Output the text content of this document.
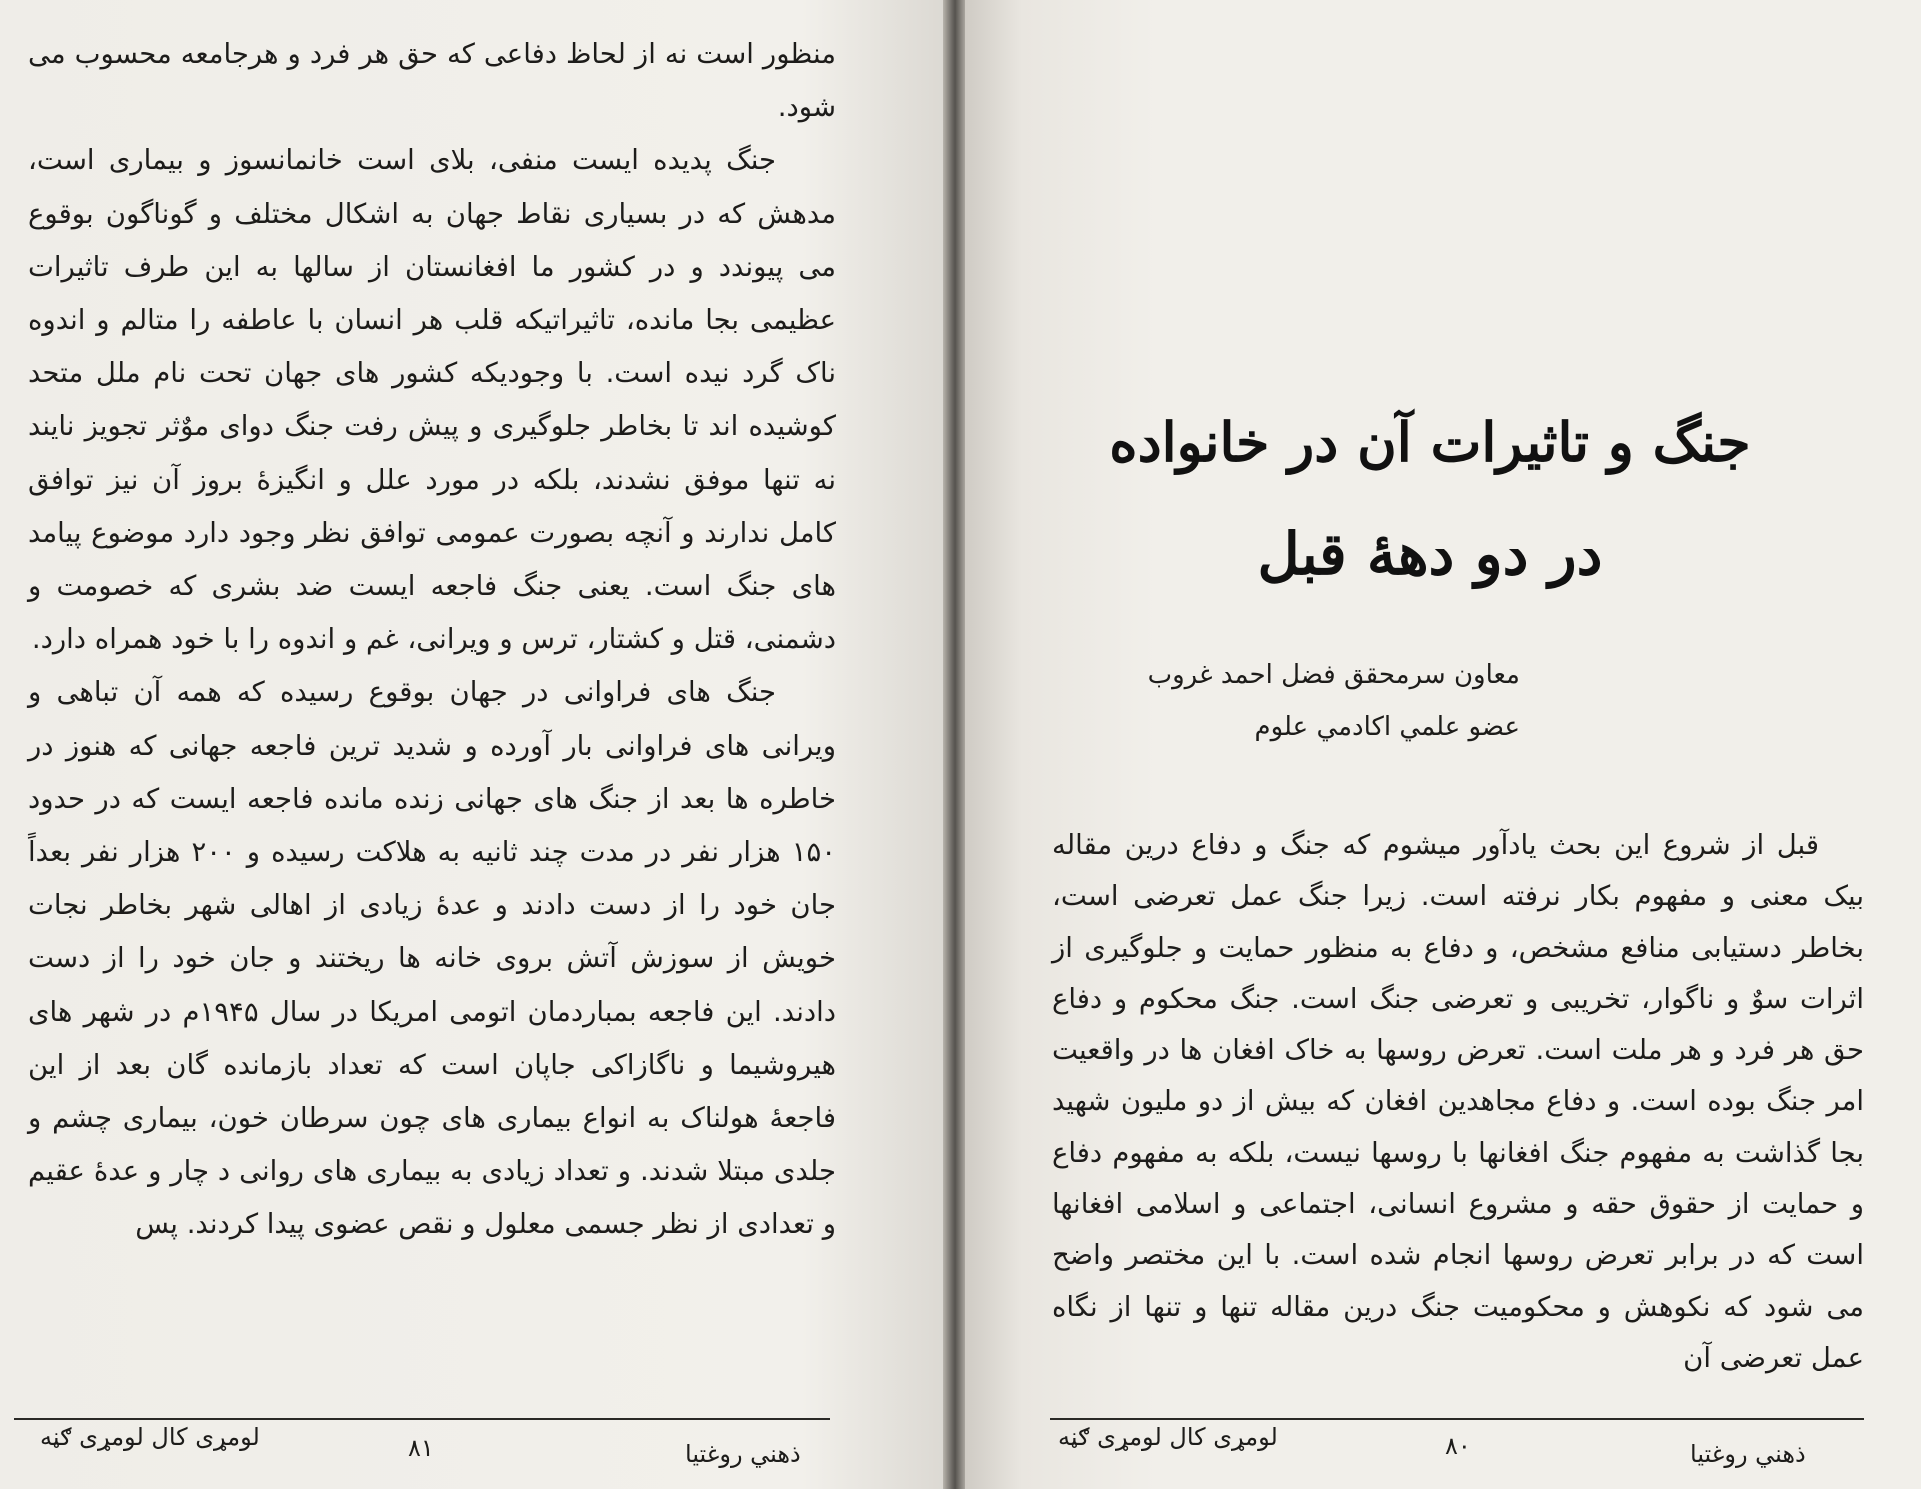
منظور است نه از لحاظ دفاعی که حق هر فرد و هرجامعه محسوب می شود.

جنگ پدیده ایست منفی، بلای است خانمانسوز و بیماری است، مدهش که در بسیاری نقاط جهان به اشکال مختلف و گوناگون بوقوع می پیوندد و در کشور ما افغانستان از سالها به این طرف تاثیرات عظیمی بجا مانده، تاثیراتیکه قلب هر انسان با عاطفه را متالم و اندوه ناک گرد نیده است. با وجودیکه کشور های جهان تحت نام ملل متحد کوشیده اند تا بخاطر جلوگیری و پیش رفت جنگ دوای موٌثر تجویز نایند نه تنها موفق نشدند، بلکه در مورد علل و انگیزهٔ بروز آن نیز توافق کامل ندارند و آنچه بصورت عمومی توافق نظر وجود دارد موضوع پیامد های جنگ است. یعنی جنگ فاجعه ایست ضد بشری که خصومت و دشمنی، قتل و کشتار، ترس و ویرانی، غم و اندوه را با خود همراه دارد.

جنگ های فراوانی در جهان بوقوع رسیده که همه آن تباهی و ویرانی های فراوانی بار آورده و شدید ترین فاجعه جهانی که هنوز در خاطره ها بعد از جنگ های جهانی زنده مانده فاجعه ایست که در حدود ۱۵۰ هزار نفر در مدت چند ثانیه به هلاکت رسیده و ۲۰۰ هزار نفر بعداً جان خود را از دست دادند و عدهٔ زیادی از اهالی شهر بخاطر نجات خویش از سوزش آتش بروی خانه ها ریختند و جان خود را از دست دادند. این فاجعه بمباردمان اتومی امریکا در سال ۱۹۴۵م در شهر های هیروشیما و ناگازاکی جاپان است که تعداد بازمانده گان بعد از این فاجعهٔ هولناک به انواع بیماری های چون سرطان خون، بیماری چشم و جلدی مبتلا شدند. و تعداد زیادی به بیماری های روانی د چار و عدهٔ عقیم و تعدادی از نظر جسمی معلول و نقص عضوی پیدا کردند. پس

ذهني روغتيا
۸۱
لومړی کال لومړی ګڼه
جنگ و تاثیرات آن در خانواده
در دو دههٔ قبل
معاون سرمحقق فضل احمد غروب
عضو علمي اکادمي علوم

قبل از شروع این بحث یادآور میشوم که جنگ و دفاع درین مقاله بیک معنی و مفهوم بکار نرفته است. زیرا جنگ عمل تعرضی است، بخاطر دستیابی منافع مشخص، و دفاع به منظور حمایت و جلوگیری از اثرات سوٌ و ناگوار، تخریبی و تعرضی جنگ است. جنگ محکوم و دفاع حق هر فرد و هر ملت است. تعرض روسها به خاک افغان ها در واقعیت امر جنگ بوده است. و دفاع مجاهدین افغان که بیش از دو ملیون شهید بجا گذاشت به مفهوم جنگ افغانها با روسها نیست، بلکه به مفهوم دفاع و حمایت از حقوق حقه و مشروع انسانی، اجتماعی و اسلامی افغانها است که در برابر تعرض روسها انجام شده است. با این مختصر واضح می شود که نکوهش و محکومیت جنگ درین مقاله تنها و تنها از نگاه عمل تعرضی آن

ذهني روغتيا
۸۰
لومړی کال لومړی ګڼه
